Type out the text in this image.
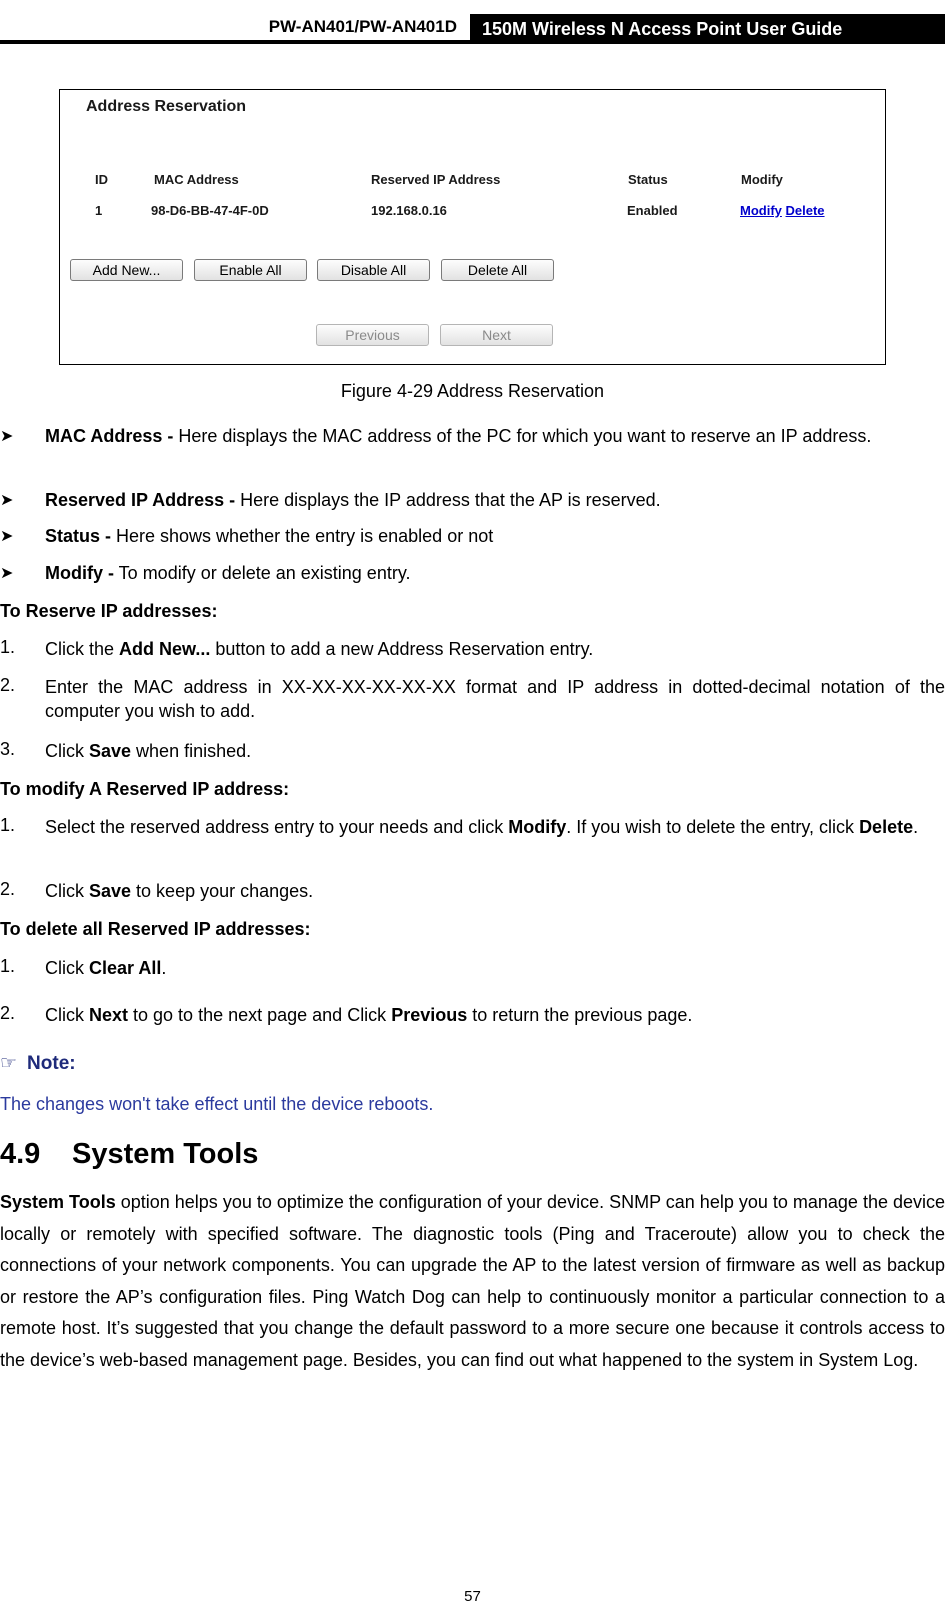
PW-AN401/PW-AN401D	150M Wireless N Access Point User Guide
Address Reservation
ID	MAC Address	Reserved IP Address	Status	Modify
1	98-D6-BB-47-4F-0D	192.168.0.16	Enabled	Modify Delete
Add New...	Enable All	Disable All	Delete All
Previous	Next
Figure 4-29 Address Reservation
➤ MAC Address - Here displays the MAC address of the PC for which you want to reserve an IP address.
➤ Reserved IP Address - Here displays the IP address that the AP is reserved.
➤ Status - Here shows whether the entry is enabled or not
➤ Modify - To modify or delete an existing entry.
To Reserve IP addresses:
1. Click the Add New... button to add a new Address Reservation entry.
2. Enter the MAC address in XX-XX-XX-XX-XX-XX format and IP address in dotted-decimal notation of the computer you wish to add.
3. Click Save when finished.
To modify A Reserved IP address:
1. Select the reserved address entry to your needs and click Modify. If you wish to delete the entry, click Delete.
2. Click Save to keep your changes.
To delete all Reserved IP addresses:
1. Click Clear All.
2. Click Next to go to the next page and Click Previous to return the previous page.
☞ Note:
The changes won't take effect until the device reboots.
4.9 System Tools
System Tools option helps you to optimize the configuration of your device. SNMP can help you to manage the device locally or remotely with specified software. The diagnostic tools (Ping and Traceroute) allow you to check the connections of your network components. You can upgrade the AP to the latest version of firmware as well as backup or restore the AP’s configuration files. Ping Watch Dog can help to continuously monitor a particular connection to a remote host. It’s suggested that you change the default password to a more secure one because it controls access to the device’s web-based management page. Besides, you can find out what happened to the system in System Log.
57
